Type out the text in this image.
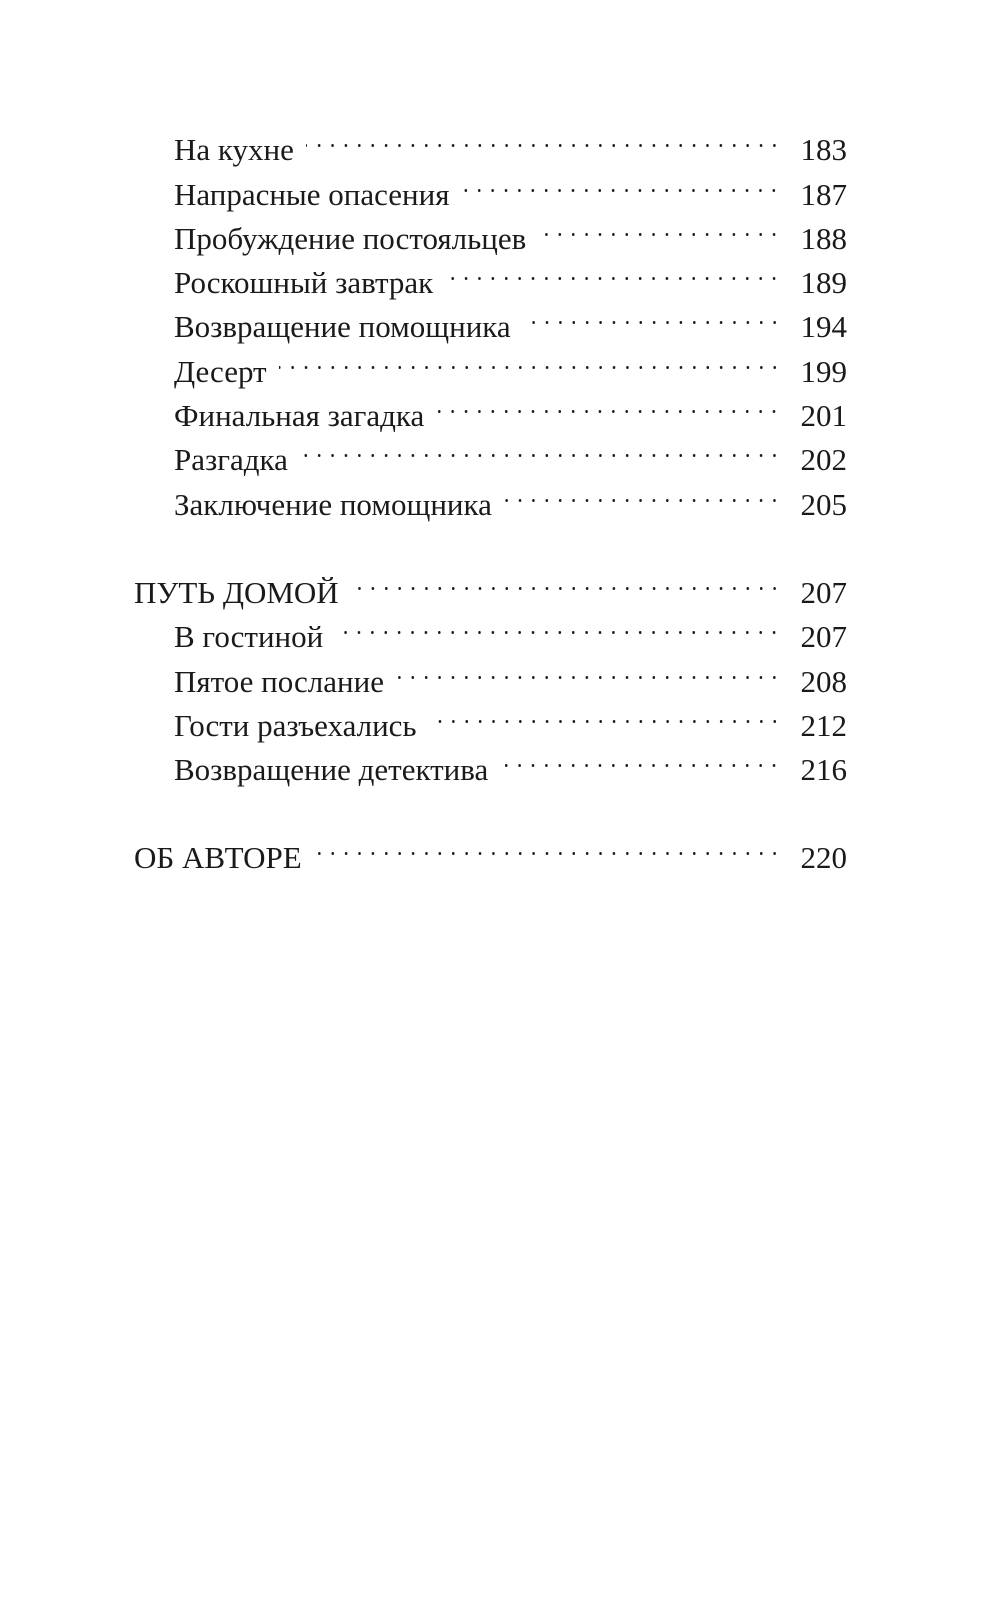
На кухне	183
Напрасные опасения	187
Пробуждение постояльцев	188
Роскошный завтрак	189
Возвращение помощника	194
Десерт	199
Финальная загадка	201
Разгадка	202
Заключение помощника	205
ПУТЬ ДОМОЙ	207
В гостиной	207
Пятое послание	208
Гости разъехались	212
Возвращение детектива	216
ОБ АВТОРЕ	220
